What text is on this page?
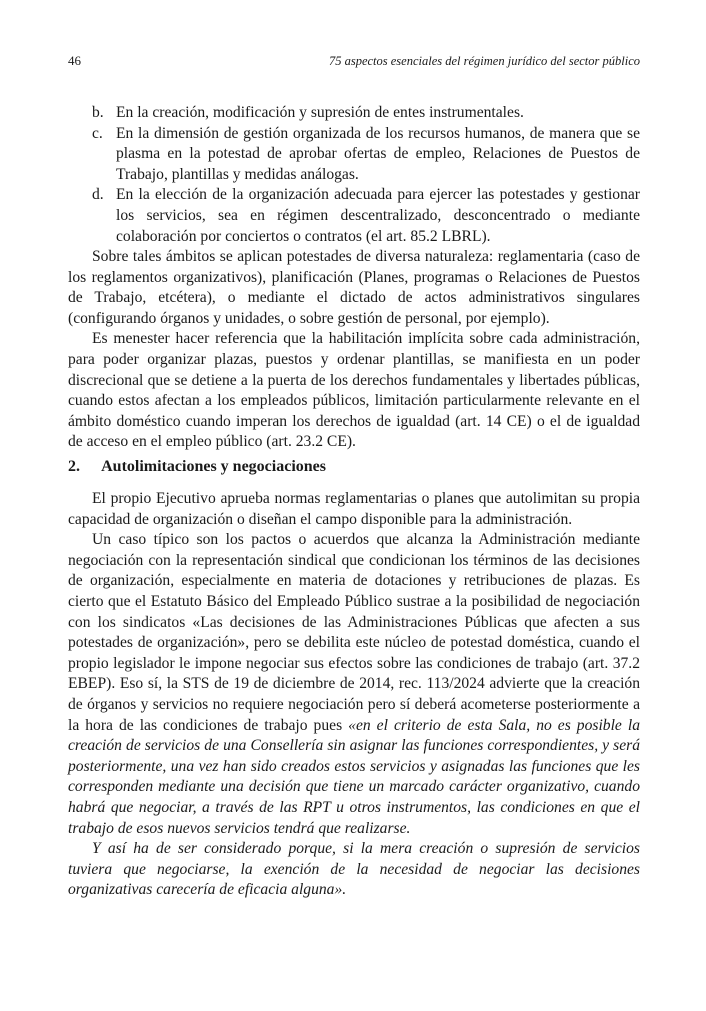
46	75 aspectos esenciales del régimen jurídico del sector público
b. En la creación, modificación y supresión de entes instrumentales.
c. En la dimensión de gestión organizada de los recursos humanos, de manera que se plasma en la potestad de aprobar ofertas de empleo, Relaciones de Puestos de Trabajo, plantillas y medidas análogas.
d. En la elección de la organización adecuada para ejercer las potestades y gestionar los servicios, sea en régimen descentralizado, desconcentrado o mediante colaboración por conciertos o contratos (el art. 85.2 LBRL).

Sobre tales ámbitos se aplican potestades de diversa naturaleza: reglamentaria (caso de los reglamentos organizativos), planificación (Planes, programas o Relaciones de Puestos de Trabajo, etcétera), o mediante el dictado de actos administrativos singulares (configurando órganos y unidades, o sobre gestión de personal, por ejemplo).

Es menester hacer referencia que la habilitación implícita sobre cada administración, para poder organizar plazas, puestos y ordenar plantillas, se manifiesta en un poder discrecional que se detiene a la puerta de los derechos fundamentales y libertades públicas, cuando estos afectan a los empleados públicos, limitación particularmente relevante en el ámbito doméstico cuando imperan los derechos de igualdad (art. 14 CE) o el de igualdad de acceso en el empleo público (art. 23.2 CE).

2. Autolimitaciones y negociaciones

El propio Ejecutivo aprueba normas reglamentarias o planes que autolimitan su propia capacidad de organización o diseñan el campo disponible para la administración.

Un caso típico son los pactos o acuerdos que alcanza la Administración mediante negociación con la representación sindical que condicionan los términos de las decisiones de organización, especialmente en materia de dotaciones y retribuciones de plazas. Es cierto que el Estatuto Básico del Empleado Público sustrae a la posibilidad de negociación con los sindicatos «Las decisiones de las Administraciones Públicas que afecten a sus potestades de organización», pero se debilita este núcleo de potestad doméstica, cuando el propio legislador le impone negociar sus efectos sobre las condiciones de trabajo (art. 37.2 EBEP). Eso sí, la STS de 19 de diciembre de 2014, rec. 113/2024 advierte que la creación de órganos y servicios no requiere negociación pero sí deberá acometerse posteriormente a la hora de las condiciones de trabajo pues «en el criterio de esta Sala, no es posible la creación de servicios de una Consellería sin asignar las funciones correspondientes, y será posteriormente, una vez han sido creados estos servicios y asignadas las funciones que les corresponden mediante una decisión que tiene un marcado carácter organizativo, cuando habrá que negociar, a través de las RPT u otros instrumentos, las condiciones en que el trabajo de esos nuevos servicios tendrá que realizarse.

Y así ha de ser considerado porque, si la mera creación o supresión de servicios tuviera que negociarse, la exención de la necesidad de negociar las decisiones organizativas carecería de eficacia alguna».
